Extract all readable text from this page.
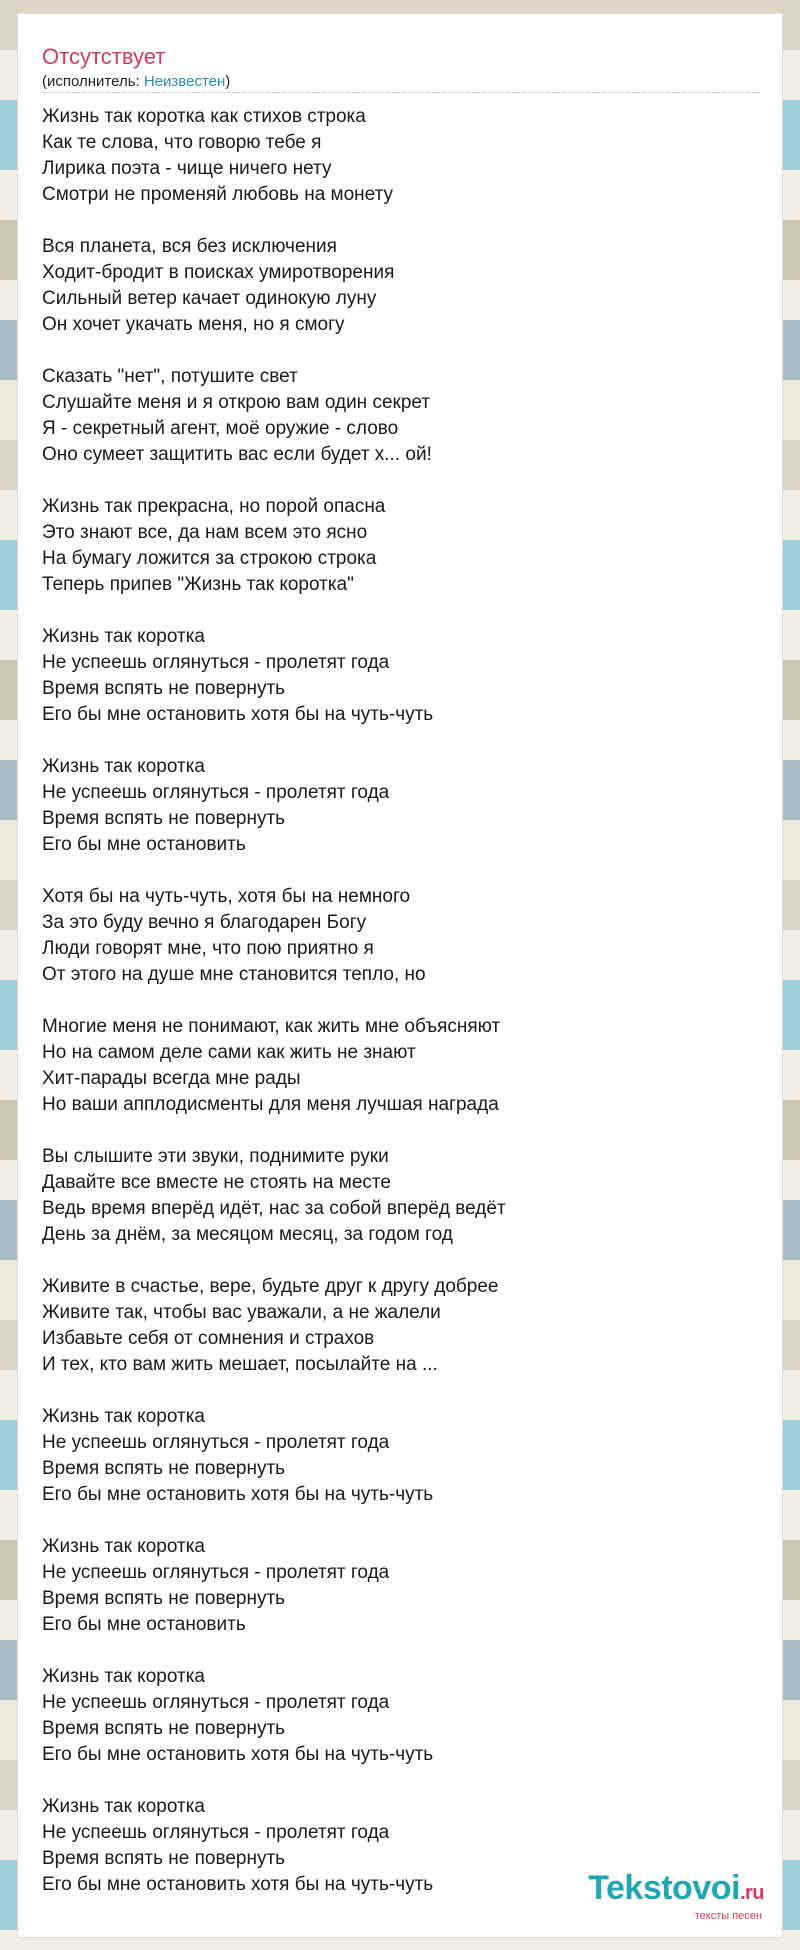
Отсутствует
(исполнитель: Неизвестен)
Жизнь так коротка как стихов строка
Как те слова, что говорю тебе я
Лирика поэта - чище ничего нету
Смотри не променяй любовь на монету
Вся планета, вся без исключения
Ходит-бродит в поисках умиротворения
Сильный ветер качает одинокую луну
Он хочет укачать меня, но я смогу
Сказать "нет", потушите свет
Слушайте меня и я открою вам один секрет
Я - секретный агент, моё оружие - слово
Оно сумеет защитить вас если будет х... ой!
Жизнь так прекрасна, но порой опасна
Это знают все, да нам всем это ясно
На бумагу ложится за строкою строка
Теперь припев "Жизнь так коротка"
Жизнь так коротка
Не успеешь оглянуться - пролетят года
Время вспять не повернуть
Его бы мне остановить хотя бы на чуть-чуть
Жизнь так коротка
Не успеешь оглянуться - пролетят года
Время вспять не повернуть
Его бы мне остановить
Хотя бы на чуть-чуть, хотя бы на немного
За это буду вечно я благодарен Богу
Люди говорят мне, что пою приятно я
От этого на душе мне становится тепло, но
Многие меня не понимают, как жить мне объясняют
Но на самом деле сами как жить не знают
Хит-парады всегда мне рады
Но ваши апплодисменты для меня лучшая награда
Вы слышите эти звуки, поднимите руки
Давайте все вместе не стоять на месте
Ведь время вперёд идёт, нас за собой вперёд ведёт
День за днём, за месяцом месяц, за годом год
Живите в счастье, вере, будьте друг к другу добрее
Живите так, чтобы вас уважали, а не жалели
Избавьте себя от сомнения и страхов
И тех, кто вам жить мешает, посылайте на ...
Жизнь так коротка
Не успеешь оглянуться - пролетят года
Время вспять не повернуть
Его бы мне остановить хотя бы на чуть-чуть
Жизнь так коротка
Не успеешь оглянуться - пролетят года
Время вспять не повернуть
Его бы мне остановить
Жизнь так коротка
Не успеешь оглянуться - пролетят года
Время вспять не повернуть
Его бы мне остановить хотя бы на чуть-чуть
Жизнь так коротка
Не успеешь оглянуться - пролетят года
Время вспять не повернуть
Его бы мне остановить хотя бы на чуть-чуть	Tekstovoi.ru
тексты песен
